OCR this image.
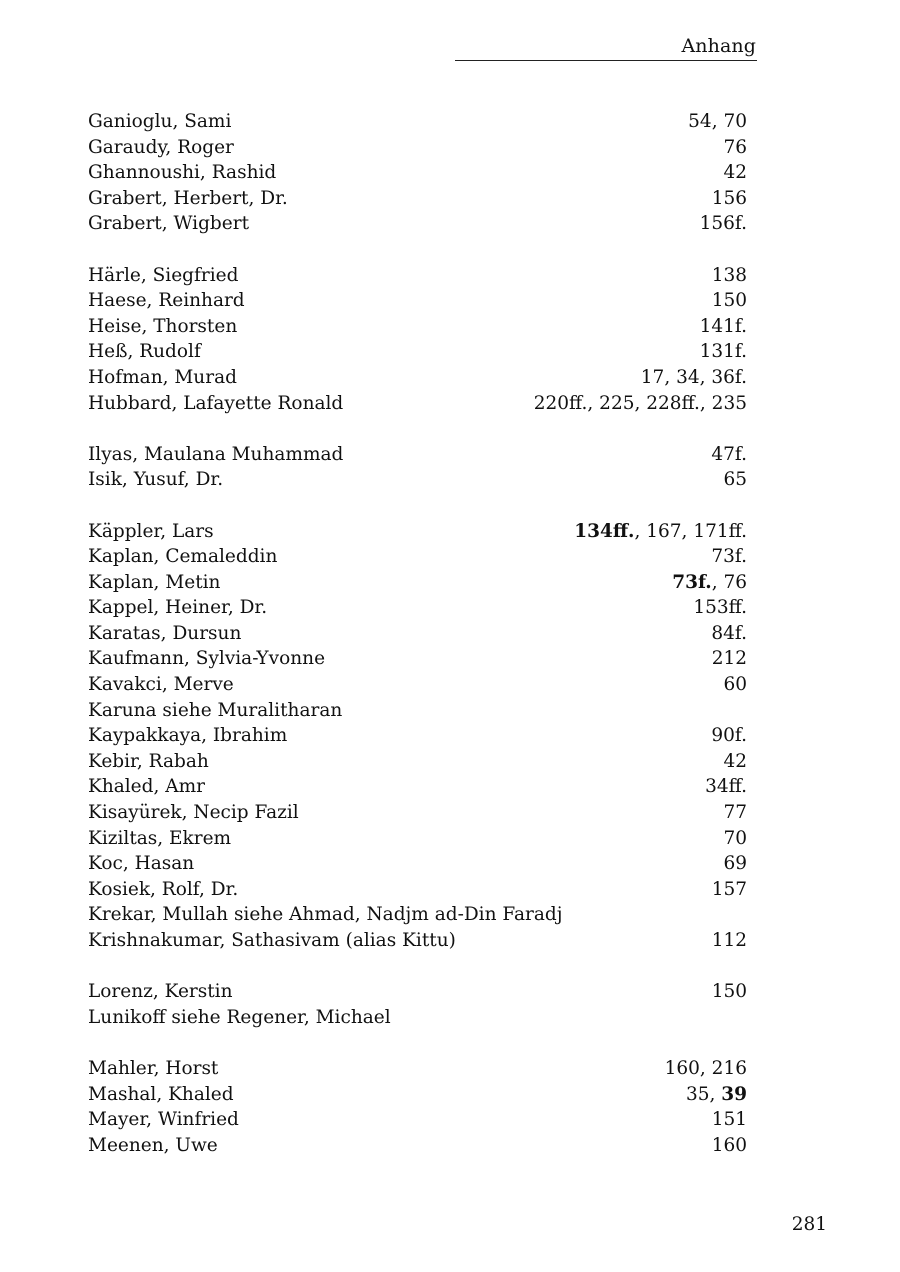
Anhang
Ganioglu, Sami	54, 70
Garaudy, Roger	76
Ghannoushi, Rashid	42
Grabert, Herbert, Dr.	156
Grabert, Wigbert	156f.
Härle, Siegfried	138
Haese, Reinhard	150
Heise, Thorsten	141f.
Heß, Rudolf	131f.
Hofman, Murad	17, 34, 36f.
Hubbard, Lafayette Ronald	220ff., 225, 228ff., 235
Ilyas, Maulana Muhammad	47f.
Isik, Yusuf, Dr.	65
Käppler, Lars	134ff., 167, 171ff.
Kaplan, Cemaleddin	73f.
Kaplan, Metin	73f., 76
Kappel, Heiner, Dr.	153ff.
Karatas, Dursun	84f.
Kaufmann, Sylvia-Yvonne	212
Kavakci, Merve	60
Karuna siehe Muralitharan
Kaypakkaya, Ibrahim	90f.
Kebir, Rabah	42
Khaled, Amr	34ff.
Kisayürek, Necip Fazil	77
Kiziltas, Ekrem	70
Koc, Hasan	69
Kosiek, Rolf, Dr.	157
Krekar, Mullah siehe Ahmad, Nadjm ad-Din Faradj
Krishnakumar, Sathasivam (alias Kittu)	112
Lorenz, Kerstin	150
Lunikoff siehe Regener, Michael
Mahler, Horst	160, 216
Mashal, Khaled	35, 39
Mayer, Winfried	151
Meenen, Uwe	160
281
